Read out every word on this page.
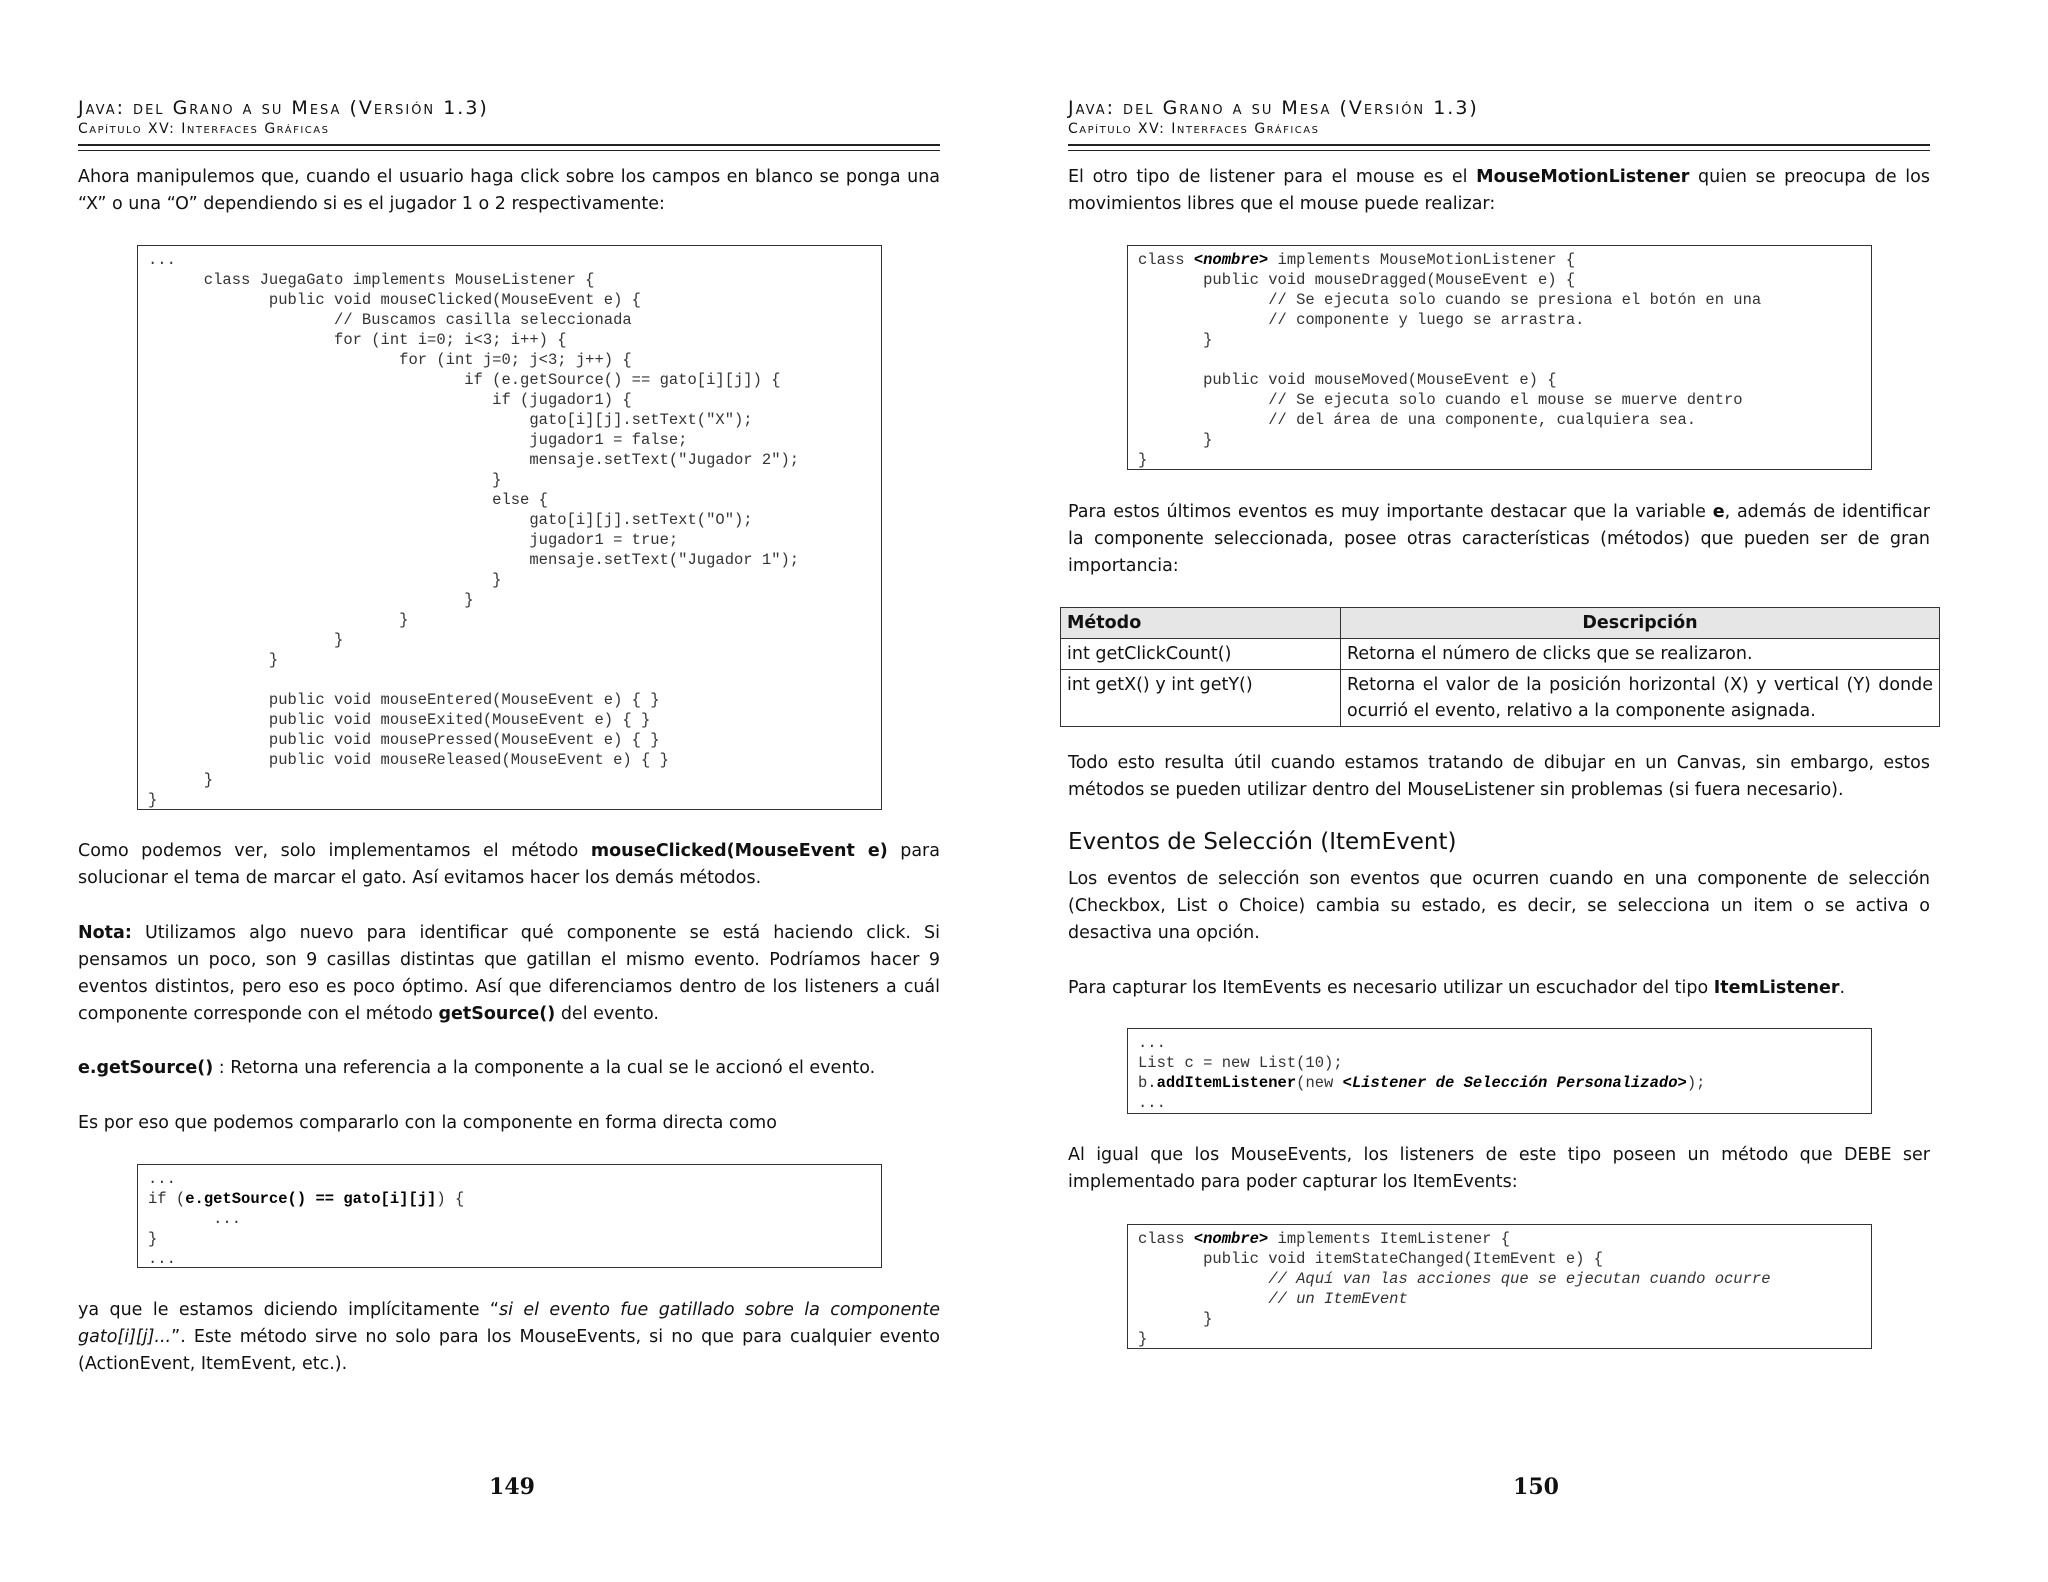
Java: del Grano a su Mesa (Versión 1.3)
Capítulo XV: Interfaces Gráficas

Ahora manipulemos que, cuando el usuario haga click sobre los campos en blanco se ponga una “X” o una “O” dependiendo si es el jugador 1 o 2 respectivamente:

...
class JuegaGato implements MouseListener {
public void mouseClicked(MouseEvent e) {
// Buscamos casilla seleccionada
for (int i=0; i<3; i++) {
for (int j=0; j<3; j++) {
if (e.getSource() == gato[i][j]) {
if (jugador1) {
gato[i][j].setText("X");
jugador1 = false;
mensaje.setText("Jugador 2");
}
else {
gato[i][j].setText("O");
jugador1 = true;
mensaje.setText("Jugador 1");
}
}
}
}
}

public void mouseEntered(MouseEvent e) { }
public void mouseExited(MouseEvent e) { }
public void mousePressed(MouseEvent e) { }
public void mouseReleased(MouseEvent e) { }
}
}

Como podemos ver, solo implementamos el método mouseClicked(MouseEvent e) para solucionar el tema de marcar el gato. Así evitamos hacer los demás métodos.

Nota: Utilizamos algo nuevo para identificar qué componente se está haciendo click. Si pensamos un poco, son 9 casillas distintas que gatillan el mismo evento. Podríamos hacer 9 eventos distintos, pero eso es poco óptimo. Así que diferenciamos dentro de los listeners a cuál componente corresponde con el método getSource() del evento.

e.getSource() : Retorna una referencia a la componente a la cual se le accionó el evento.

Es por eso que podemos compararlo con la componente en forma directa como

...
if (e.getSource() == gato[i][j]) {
...
}
...

ya que le estamos diciendo implícitamente “si el evento fue gatillado sobre la componente gato[i][j]...”. Este método sirve no solo para los MouseEvents, si no que para cualquier evento (ActionEvent, ItemEvent, etc.).

149
Java: del Grano a su Mesa (Versión 1.3)
Capítulo XV: Interfaces Gráficas

El otro tipo de listener para el mouse es el MouseMotionListener quien se preocupa de los movimientos libres que el mouse puede realizar:

class <nombre> implements MouseMotionListener {
public void mouseDragged(MouseEvent e) {
// Se ejecuta solo cuando se presiona el botón en una
// componente y luego se arrastra.
}

public void mouseMoved(MouseEvent e) {
// Se ejecuta solo cuando el mouse se muerve dentro
// del área de una componente, cualquiera sea.
}
}

Para estos últimos eventos es muy importante destacar que la variable e, además de identificar la componente seleccionada, posee otras características (métodos) que pueden ser de gran importancia:

Método	Descripción
int getClickCount()	Retorna el número de clicks que se realizaron.
int getX() y int getY()	Retorna el valor de la posición horizontal (X) y vertical (Y) donde ocurrió el evento, relativo a la componente asignada.

Todo esto resulta útil cuando estamos tratando de dibujar en un Canvas, sin embargo, estos métodos se pueden utilizar dentro del MouseListener sin problemas (si fuera necesario).

Eventos de Selección (ItemEvent)

Los eventos de selección son eventos que ocurren cuando en una componente de selección (Checkbox, List o Choice) cambia su estado, es decir, se selecciona un item o se activa o desactiva una opción.

Para capturar los ItemEvents es necesario utilizar un escuchador del tipo ItemListener.

...
List c = new List(10);
b.addItemListener(new <Listener de Selección Personalizado>);
...

Al igual que los MouseEvents, los listeners de este tipo poseen un método que DEBE ser implementado para poder capturar los ItemEvents:

class <nombre> implements ItemListener {
public void itemStateChanged(ItemEvent e) {
// Aquí van las acciones que se ejecutan cuando ocurre
// un ItemEvent
}
}
150
